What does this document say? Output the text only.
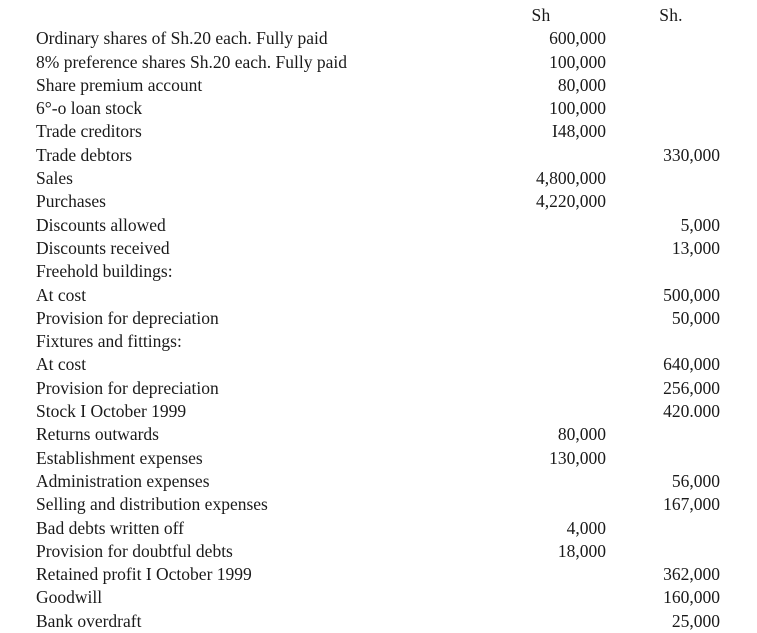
	Sh	Sh.
Ordinary shares of Sh.20 each. Fully paid	600,000	
8% preference shares Sh.20 each. Fully paid	100,000	
Share premium account	80,000	
6°-o loan stock	100,000	
Trade creditors	I48,000	
Trade debtors		330,000
Sales	4,800,000	
Purchases	4,220,000	
Discounts allowed		5,000
Discounts received		13,000
Freehold buildings:		
At cost		500,000
Provision for depreciation		50,000
Fixtures and fittings:		
At cost		640,000
Provision for depreciation		256,000
Stock I October 1999		420.000
Returns outwards	80,000	
Establishment expenses	130,000	
Administration expenses		56,000
Selling and distribution expenses		167,000
Bad debts written off	4,000	
Provision for doubtful debts	18,000	
Retained profit I October 1999		362,000
Goodwill		160,000
Bank overdraft		25,000
